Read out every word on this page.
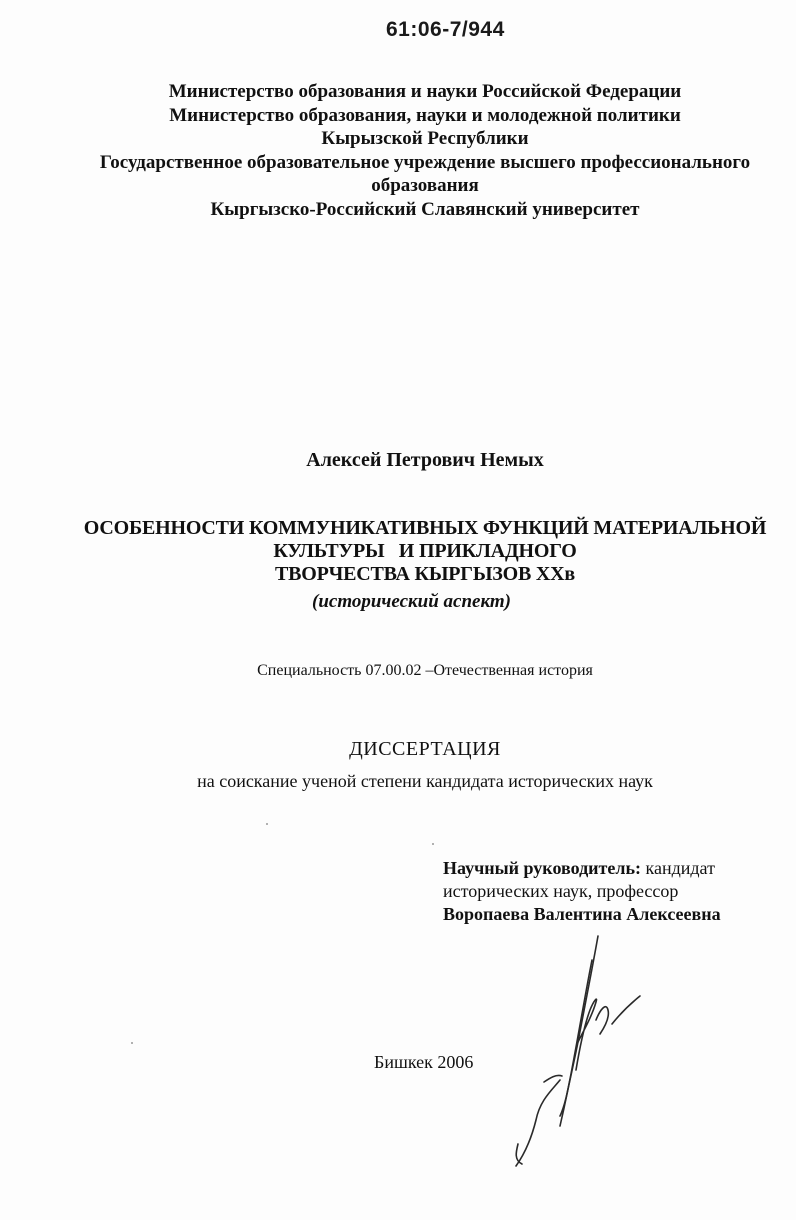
61:06-7/944
Министерство образования и науки Российской Федерации
Министерство образования, науки и молодежной политики
Кырызской Республики
Государственное образовательное учреждение высшего профессионального
образования
Кыргызско-Российский Славянский университет
Алексей Петрович Немых
ОСОБЕННОСТИ КОММУНИКАТИВНЫХ ФУНКЦИЙ МАТЕРИАЛЬНОЙ
КУЛЬТУРЫ   И ПРИКЛАДНОГО
ТВОРЧЕСТВА КЫРГЫЗОВ XXв
(исторический аспект)
Специальность 07.00.02 –Отечественная история
ДИССЕРТАЦИЯ
на соискание ученой степени кандидата исторических наук
Научный руководитель: кандидат
исторических наук, профессор
Воропаева Валентина Алексеевна
Бишкек 2006
